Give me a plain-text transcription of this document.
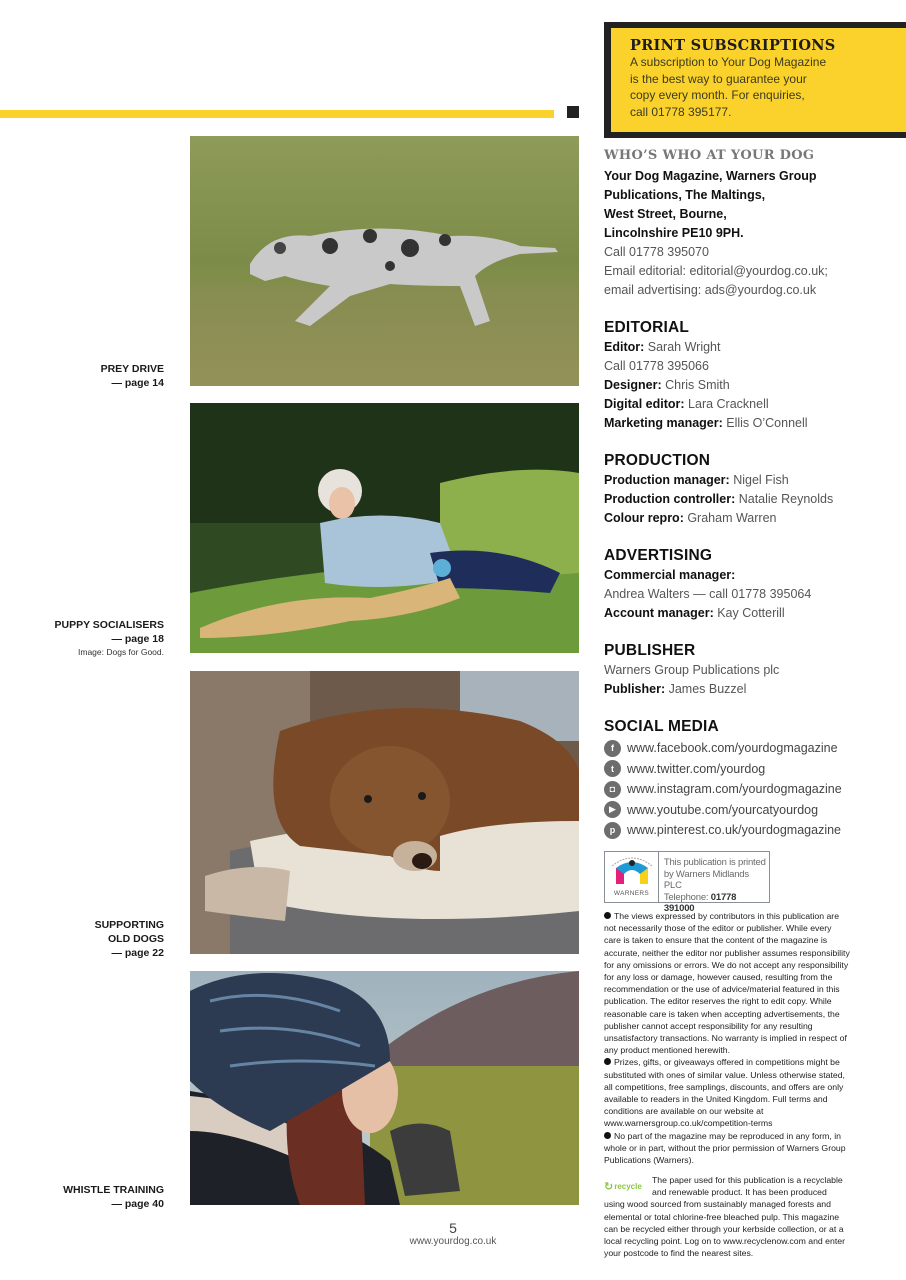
PREY DRIVE
— page 14
PUPPY SOCIALISERS
— page 18
Image: Dogs for Good.
SUPPORTING
OLD DOGS
— page 22
WHISTLE TRAINING
— page 40
5
www.yourdog.co.uk
PRINT SUBSCRIPTIONS
A subscription to Your Dog Magazine
is the best way to guarantee your
copy every month. For enquiries,
call 01778 395177.
WHO’S WHO AT YOUR DOG
Your Dog Magazine, Warners Group
Publications, The Maltings,
West Street, Bourne,
Lincolnshire PE10 9PH.
Call 01778 395070
Email editorial: editorial@yourdog.co.uk;
email advertising: ads@yourdog.co.uk
EDITORIAL
Editor: Sarah Wright
Call 01778 395066
Designer: Chris Smith
Digital editor: Lara Cracknell
Marketing manager: Ellis O’Connell
PRODUCTION
Production manager: Nigel Fish
Production controller: Natalie Reynolds
Colour repro: Graham Warren
ADVERTISING
Commercial manager:
Andrea Walters — call 01778 395064
Account manager: Kay Cotterill
PUBLISHER
Warners Group Publications plc
Publisher: James Buzzel
SOCIAL MEDIA
f	www.facebook.com/yourdogmagazine
t	www.twitter.com/yourdog
◘ www.instagram.com/yourdogmagazine
▶ www.youtube.com/yourcatyourdog
p www.pinterest.co.uk/yourdogmagazine
WARNERS
This publication is printed
by Warners Midlands PLC
Telephone: 01778 391000

The views expressed by contributors in this publication are not necessarily those of the editor or publisher. While every care is taken to ensure that the content of the magazine is accurate, neither the editor nor publisher assumes responsibility for any omissions or errors. We do not accept any responsibility for any loss or damage, however caused, resulting from the recommendation or the use of advice/material featured in this publication. The editor reserves the right to edit copy. While reasonable care is taken when accepting advertisements, the publisher cannot accept responsibility for any resulting unsatisfactory transactions. No warranty is implied in respect of any product mentioned herewith.

Prizes, gifts, or giveaways offered in competitions might be substituted with ones of similar value. Unless otherwise stated, all competitions, free samplings, discounts, and offers are only available to readers in the United Kingdom. Full terms and conditions are available on our website at www.warnersgroup.co.uk/competition-terms

No part of the magazine may be reproduced in any form, in whole or in part, without the prior permission of Warners Group Publications (Warners).

↻ recycle
The paper used for this publication is a recyclable and renewable product. It has been produced using wood sourced from sustainably managed forests and elemental or total chlorine-free bleached pulp. This magazine can be recycled either through your kerbside collection, or at a local recycling point. Log on to www.recyclenow.com and enter your postcode to find the nearest sites.
